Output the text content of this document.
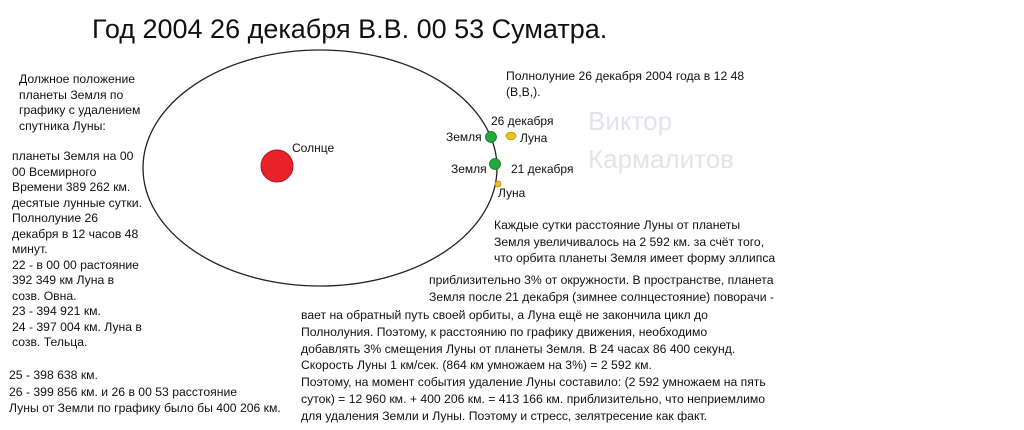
Год 2004 26 декабря В.В. 00 53 Суматра.
Виктор
Кармалитов
Солнце
Земля
Земля
Луна
Луна
26 декабря
21 декабря
Должное положение
планеты Земля по
графику с удалением
спутника Луны:
планеты Земля на 00
00 Всемирного
Времени 389 262 км.
десятые лунные сутки.
Полнолуние 26
декабря в 12 часов 48
минут.
22 - в 00 00 растояние
392 349 км Луна в
созв. Овна.
23 - 394 921 км.
24 - 397 004 км. Луна в
созв. Тельца.
25 - 398 638 км.
26 - 399 856 км. и 26 в 00 53 расстояние
Луны от Земли по графику было бы 400 206 км.
Полнолуние 26 декабря 2004 года в 12 48
(В,В,).
Каждые сутки расстояние Луны от планеты
Земля увеличивалось на 2 592 км. за счёт того,
что орбита планеты Земля имеет форму эллипса
приблизительно 3% от окружности. В пространстве, планета
Земля после 21 декабря (зимнее солнцестояние) поворачи -
вает на обратный путь своей орбиты, а Луна ещё не закончила цикл до
Полнолуния. Поэтому, к расстоянию по графику движения, необходимо
добавлять 3% смещения Луны от планеты Земля. В 24 часах 86 400 секунд.
Скорость Луны 1 км/сек. (864 км умножаем на 3%) = 2 592 км.
Поэтому, на момент события удаление Луны составило: (2 592 умножаем на пять
суток) = 12 960 км. + 400 206 км. = 413 166 км. приблизительно, что неприемлимо
для удаления Земли и Луны. Поэтому и стресс, зелятресение как факт.
